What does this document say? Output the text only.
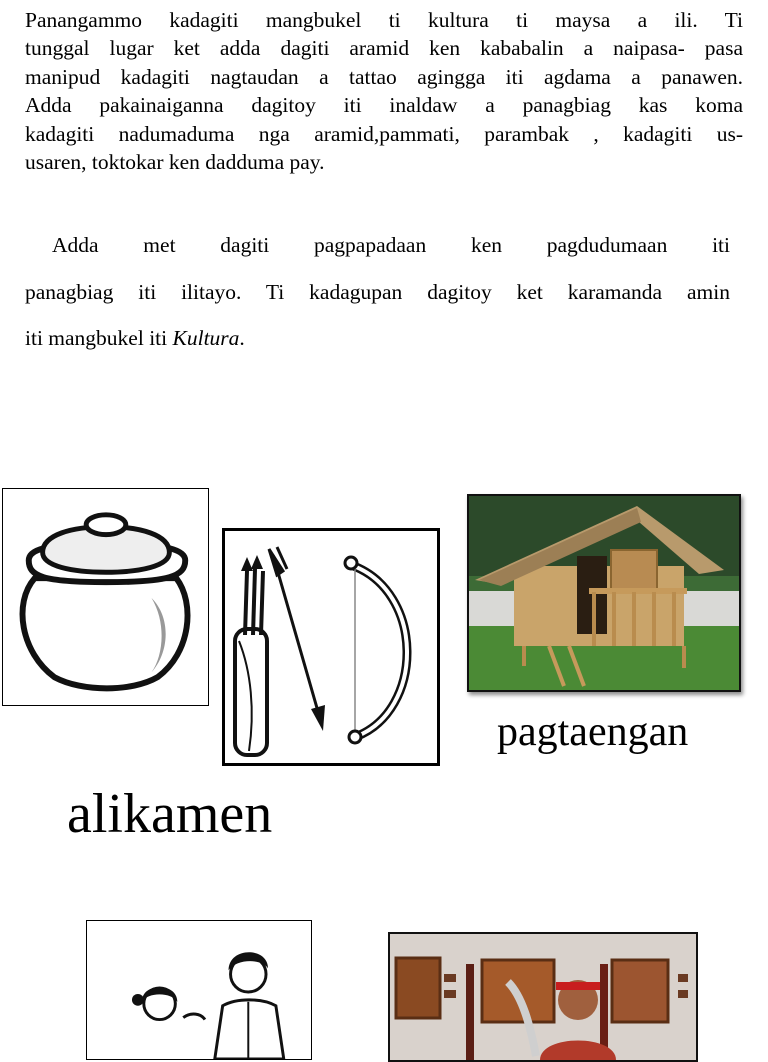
Panangammo kadagiti mangbukel ti kultura ti maysa a ili. Ti
tunggal lugar ket adda dagiti aramid ken kababalin a naipasa- pasa
manipud kadagiti nagtaudan a tattao agingga iti agdama a panawen.
Adda pakainaiganna dagitoy iti inaldaw a panagbiag kas koma
kadagiti nadumaduma nga aramid,pammati, parambak , kadagiti us-
usaren, toktokar ken dadduma pay.
Adda met dagiti pagpapadaan ken pagdudumaan iti
panagbiag iti ilitayo. Ti kadagupan dagitoy ket karamanda amin
iti mangbukel iti Kultura.
pagtaengan
alikamen
